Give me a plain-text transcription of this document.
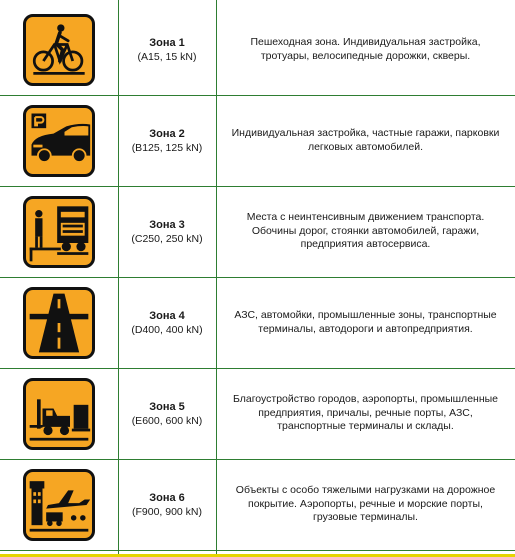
Зона 1
(A15, 15 kN)
Пешеходная зона. Индивидуальная застройка, тротуары, велосипедные дорожки, скверы.
Зона 2
(B125, 125 kN)
Индивидуальная застройка, частные гаражи, парковки легковых автомобилей.
Зона 3
(C250, 250 kN)
Места с неинтенсивным движением транспорта. Обочины дорог, стоянки автомобилей, гаражи, предприятия автосервиса.
Зона 4
(D400, 400 kN)
АЗС, автомойки, промышленные зоны, транспортные терминалы, автодороги и автопредприятия.
Зона 5
(E600, 600 kN)
Благоустройство городов, аэропорты, промышленные предприятия, причалы, речные порты, АЗС, транспортные терминалы и склады.
Зона 6
(F900, 900 kN)
Объекты с особо тяжелыми нагрузками на дорожное покрытие. Аэропорты, речные и морские порты, грузовые терминалы.
